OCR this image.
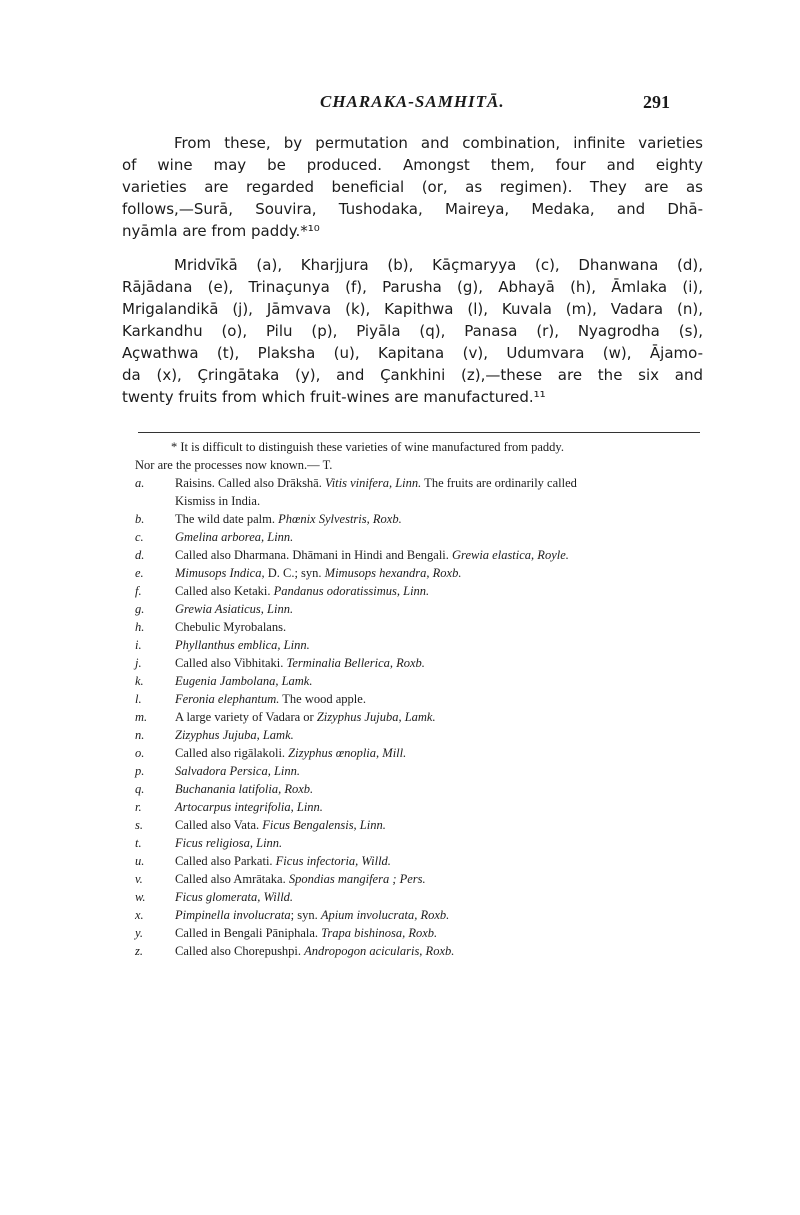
CHARAKA-SAMHITĀ.	291
From these, by permutation and combination, infinite varieties
of wine may be produced. Amongst them, four and eighty
varieties are regarded beneficial (or, as regimen). They are as
follows,—Surā, Souvira, Tushodaka, Maireya, Medaka, and Dhā-
nyāmla are from paddy.*¹⁰
Mridvīkā (a), Kharjjura (b), Kāçmaryya (c), Dhanwana (d),
Rājādana (e), Trinaçunya (f), Parusha (g), Abhayā (h), Āmlaka (i),
Mrigalandikā (j), Jāmvava (k), Kapithwa (l), Kuvala (m), Vadara (n),
Karkandhu (o), Pilu (p), Piyāla (q), Panasa (r), Nyagrodha (s),
Açwathwa (t), Plaksha (u), Kapitana (v), Udumvara (w), Ājamo-
da (x), Çringātaka (y), and Çankhini (z),—these are the six and
twenty fruits from which fruit-wines are manufactured.¹¹
* It is difficult to distinguish these varieties of wine manufactured from paddy.
Nor are the processes now known.— T.
a.	Raisins. Called also Drākshā. Vitis vinifera, Linn. The fruits are ordinarily called
Kismiss in India.
b.	The wild date palm. Phœnix Sylvestris, Roxb.
c.	Gmelina arborea, Linn.
d.	Called also Dharmana. Dhāmani in Hindi and Bengali. Grewia elastica, Royle.
e.	Mimusops Indica, D. C.; syn. Mimusops hexandra, Roxb.
f.	Called also Ketaki. Pandanus odoratissimus, Linn.
g.	Grewia Asiaticus, Linn.
h.	Chebulic Myrobalans.
i.	Phyllanthus emblica, Linn.
j.	Called also Vibhitaki. Terminalia Bellerica, Roxb.
k.	Eugenia Jambolana, Lamk.
l.	Feronia elephantum. The wood apple.
m.	A large variety of Vadara or Zizyphus Jujuba, Lamk.
n.	Zizyphus Jujuba, Lamk.
o.	Called also rigālakoli. Zizyphus œnoplia, Mill.
p.	Salvadora Persica, Linn.
q.	Buchanania latifolia, Roxb.
r.	Artocarpus integrifolia, Linn.
s.	Called also Vata. Ficus Bengalensis, Linn.
t.	Ficus religiosa, Linn.
u.	Called also Parkati. Ficus infectoria, Willd.
v.	Called also Amrātaka. Spondias mangifera ; Pers.
w.	Ficus glomerata, Willd.
x.	Pimpinella involucrata; syn. Apium involucrata, Roxb.
y.	Called in Bengali Pāniphala. Trapa bishinosa, Roxb.
z.	Called also Chorepushpi. Andropogon acicularis, Roxb.
